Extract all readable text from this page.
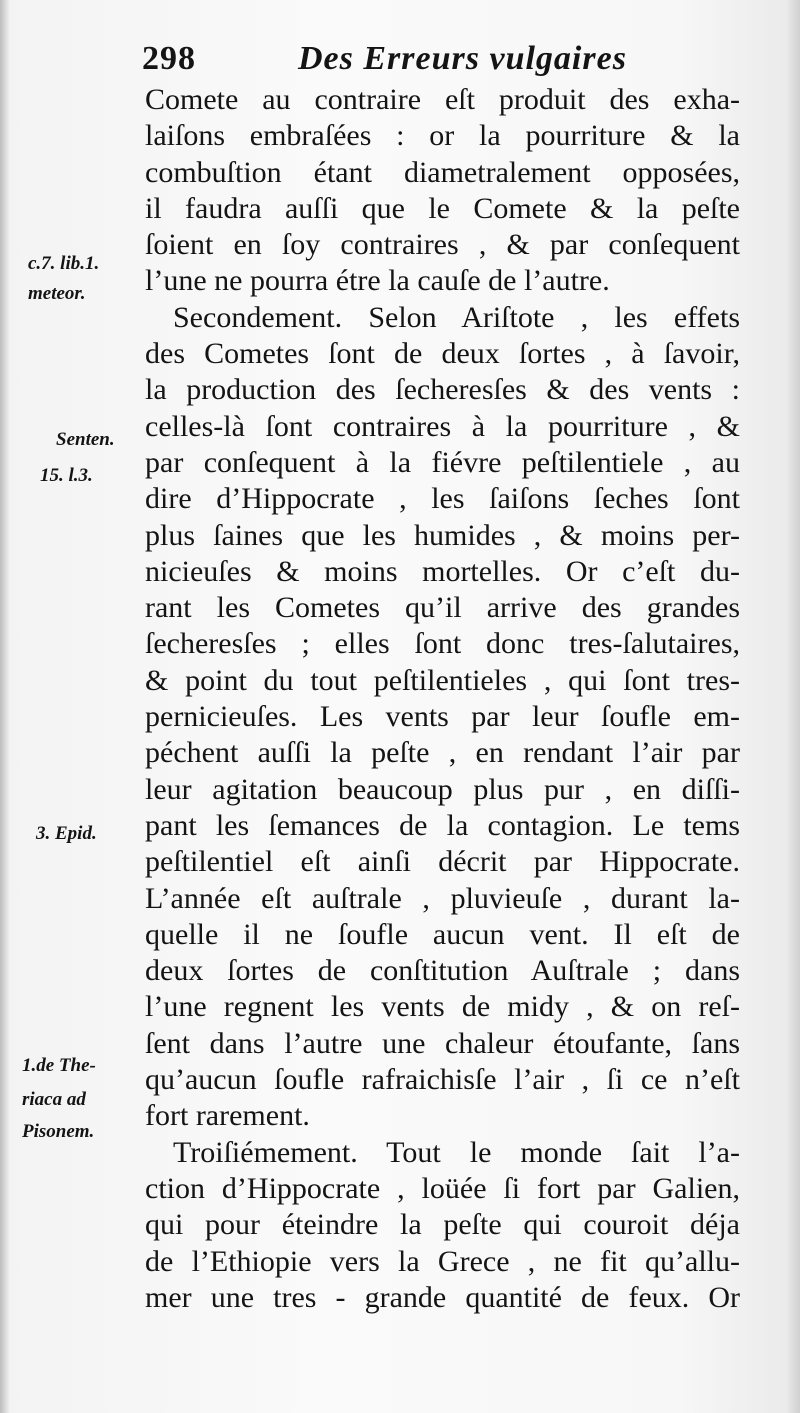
298	Des Erreurs vulgaires
c.7. lib.1.
meteor.
Senten.
15. l.3.
3. Epid.
1.de The-
riaca ad
Pisonem.
Comete au contraire eſt produit des exha-
laiſons embraſées : or la pourriture & la
combuſtion étant diametralement opposées,
il faudra auſſi que le Comete & la peſte
ſoient en ſoy contraires , & par conſequent
l’une ne pourra étre la cauſe de l’autre.
Secondement. Selon Ariſtote , les effets
des Cometes ſont de deux ſortes , à ſavoir,
la production des ſecheresſes & des vents :
celles-là ſont contraires à la pourriture , &
par conſequent à la fiévre peſtilentiele , au
dire d’Hippocrate , les ſaiſons ſeches ſont
plus ſaines que les humides , & moins per-
nicieuſes & moins mortelles. Or c’eſt du-
rant les Cometes qu’il arrive des grandes
ſecheresſes ; elles ſont donc tres-ſalutaires,
& point du tout peſtilentieles , qui ſont tres-
pernicieuſes. Les vents par leur ſoufle em-
péchent auſſi la peſte , en rendant l’air par
leur agitation beaucoup plus pur , en diſſi-
pant les ſemances de la contagion. Le tems
peſtilentiel eſt ainſi décrit par Hippocrate.
L’année eſt auſtrale , pluvieuſe , durant la-
quelle il ne ſoufle aucun vent. Il eſt de
deux ſortes de conſtitution Auſtrale ; dans
l’une regnent les vents de midy , & on reſ-
ſent dans l’autre une chaleur étoufante, ſans
qu’aucun ſoufle rafraichisſe l’air , ſi ce n’eſt
fort rarement.
Troiſiémement. Tout le monde ſait l’a-
ction d’Hippocrate , loüée ſi fort par Galien,
qui pour éteindre la peſte qui couroit déja
de l’Ethiopie vers la Grece , ne fit qu’allu-
mer une tres - grande quantité de feux. Or
